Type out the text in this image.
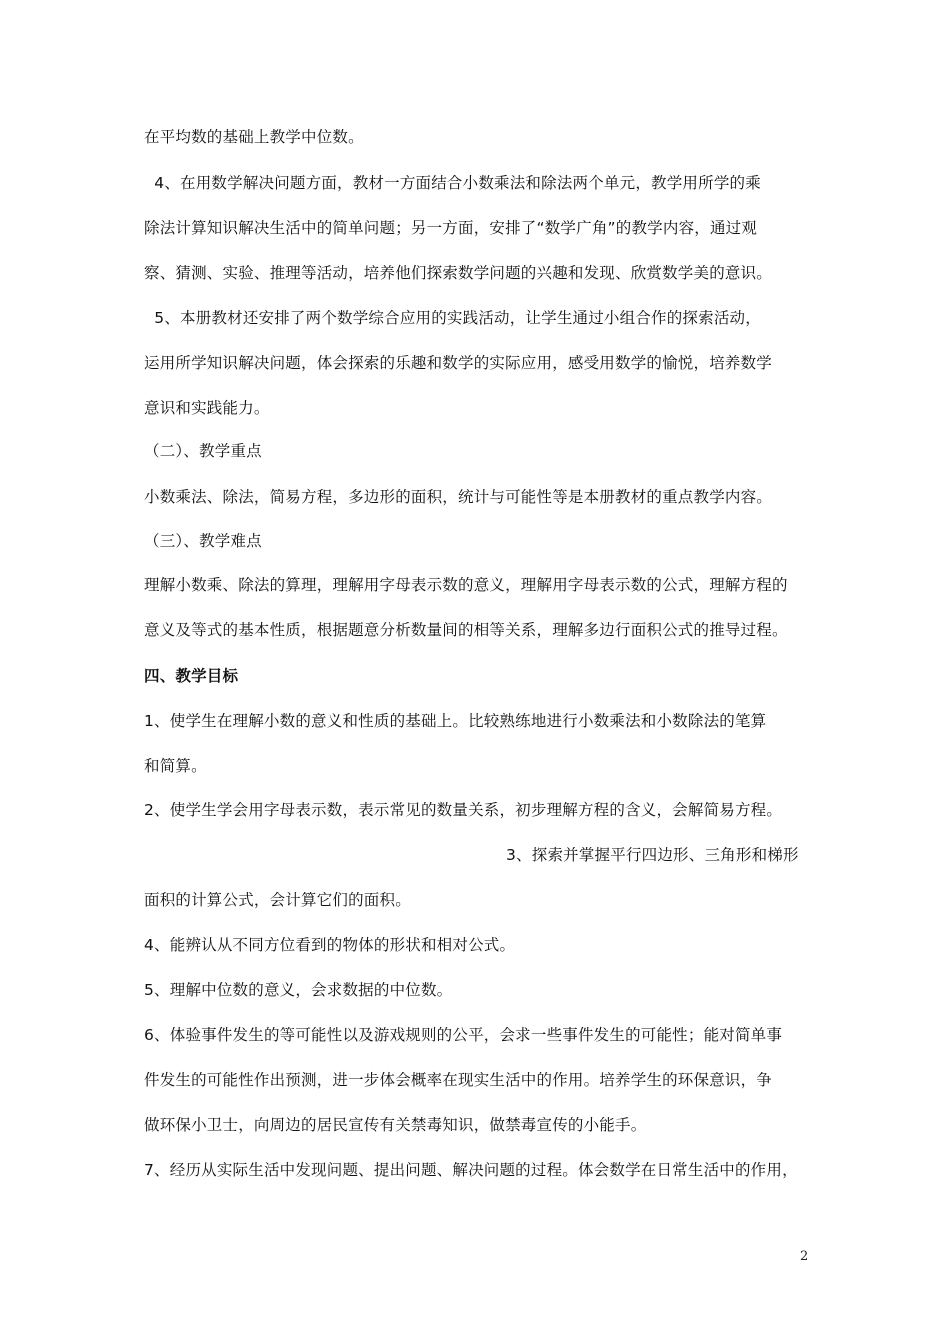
在平均数的基础上教学中位数。
4、在用数学解决问题方面，教材一方面结合小数乘法和除法两个单元，教学用所学的乘
除法计算知识解决生活中的简单问题；另一方面，安排了“数学广角”的教学内容，通过观
察、猜测、实验、推理等活动，培养他们探索数学问题的兴趣和发现、欣赏数学美的意识。
5、本册教材还安排了两个数学综合应用的实践活动，让学生通过小组合作的探索活动，
运用所学知识解决问题，体会探索的乐趣和数学的实际应用，感受用数学的愉悦，培养数学
意识和实践能力。
（二）、教学重点
小数乘法、除法，简易方程，多边形的面积，统计与可能性等是本册教材的重点教学内容。
（三）、教学难点
理解小数乘、除法的算理，理解用字母表示数的意义，理解用字母表示数的公式，理解方程的
意义及等式的基本性质，根据题意分析数量间的相等关系，理解多边行面积公式的推导过程。
四、教学目标
1、使学生在理解小数的意义和性质的基础上。比较熟练地进行小数乘法和小数除法的笔算
和简算。
2、使学生学会用字母表示数，表示常见的数量关系，初步理解方程的含义，会解简易方程。
3、探索并掌握平行四边形、三角形和梯形
面积的计算公式，会计算它们的面积。
4、能辨认从不同方位看到的物体的形状和相对公式。
5、理解中位数的意义，会求数据的中位数。
6、体验事件发生的等可能性以及游戏规则的公平，会求一些事件发生的可能性；能对简单事
件发生的可能性作出预测，进一步体会概率在现实生活中的作用。培养学生的环保意识，争
做环保小卫士，向周边的居民宣传有关禁毒知识，做禁毒宣传的小能手。
7、经历从实际生活中发现问题、提出问题、解决问题的过程。体会数学在日常生活中的作用，
2
